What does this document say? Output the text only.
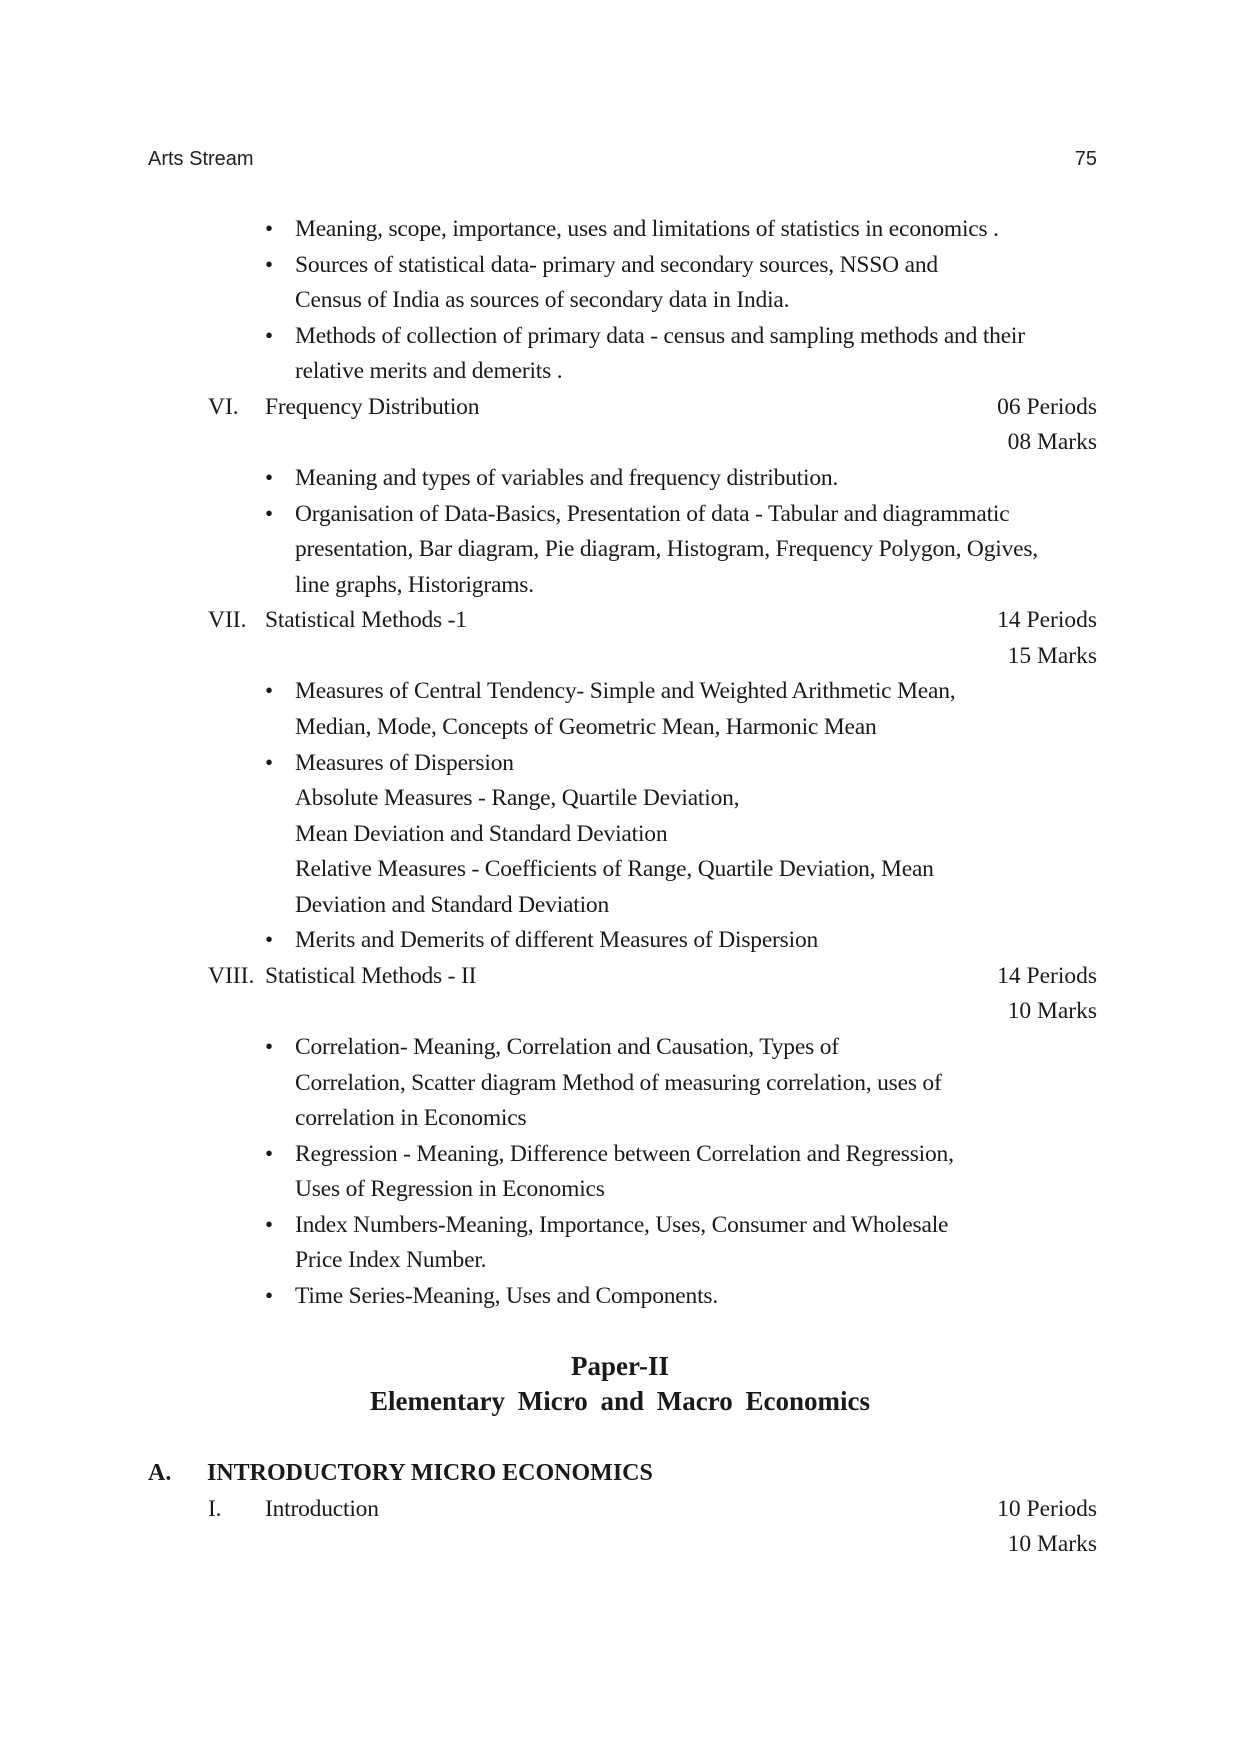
Arts Stream	75
• Meaning, scope, importance, uses and limitations of statistics in economics .
• Sources of statistical data- primary and secondary sources, NSSO and
Census of India as sources of secondary data in India.
• Methods of collection of primary data - census and sampling methods and their
relative merits and demerits .
VI. Frequency Distribution	06 Periods
08 Marks
• Meaning and types of variables and frequency distribution.
• Organisation of Data-Basics, Presentation of data - Tabular and diagrammatic
presentation, Bar diagram, Pie diagram, Histogram, Frequency Polygon, Ogives,
line graphs, Historigrams.
VII. Statistical Methods -1	14 Periods
15 Marks
• Measures of Central Tendency- Simple and Weighted Arithmetic Mean,
Median, Mode, Concepts of Geometric Mean, Harmonic Mean
• Measures of Dispersion
Absolute Measures - Range, Quartile Deviation,
Mean Deviation and Standard Deviation
Relative Measures - Coefficients of Range, Quartile Deviation, Mean
Deviation and Standard Deviation
• Merits and Demerits of different Measures of Dispersion
VIII. Statistical Methods - II	14 Periods
10 Marks
• Correlation- Meaning, Correlation and Causation, Types of
Correlation, Scatter diagram Method of measuring correlation, uses of
correlation in Economics
• Regression - Meaning, Difference between Correlation and Regression,
Uses of Regression in Economics
• Index Numbers-Meaning, Importance, Uses, Consumer and Wholesale
Price Index Number.
• Time Series-Meaning, Uses and Components.
Paper-II
Elementary Micro and Macro Economics
A. INTRODUCTORY MICRO ECONOMICS
I. Introduction	10 Periods
10 Marks
